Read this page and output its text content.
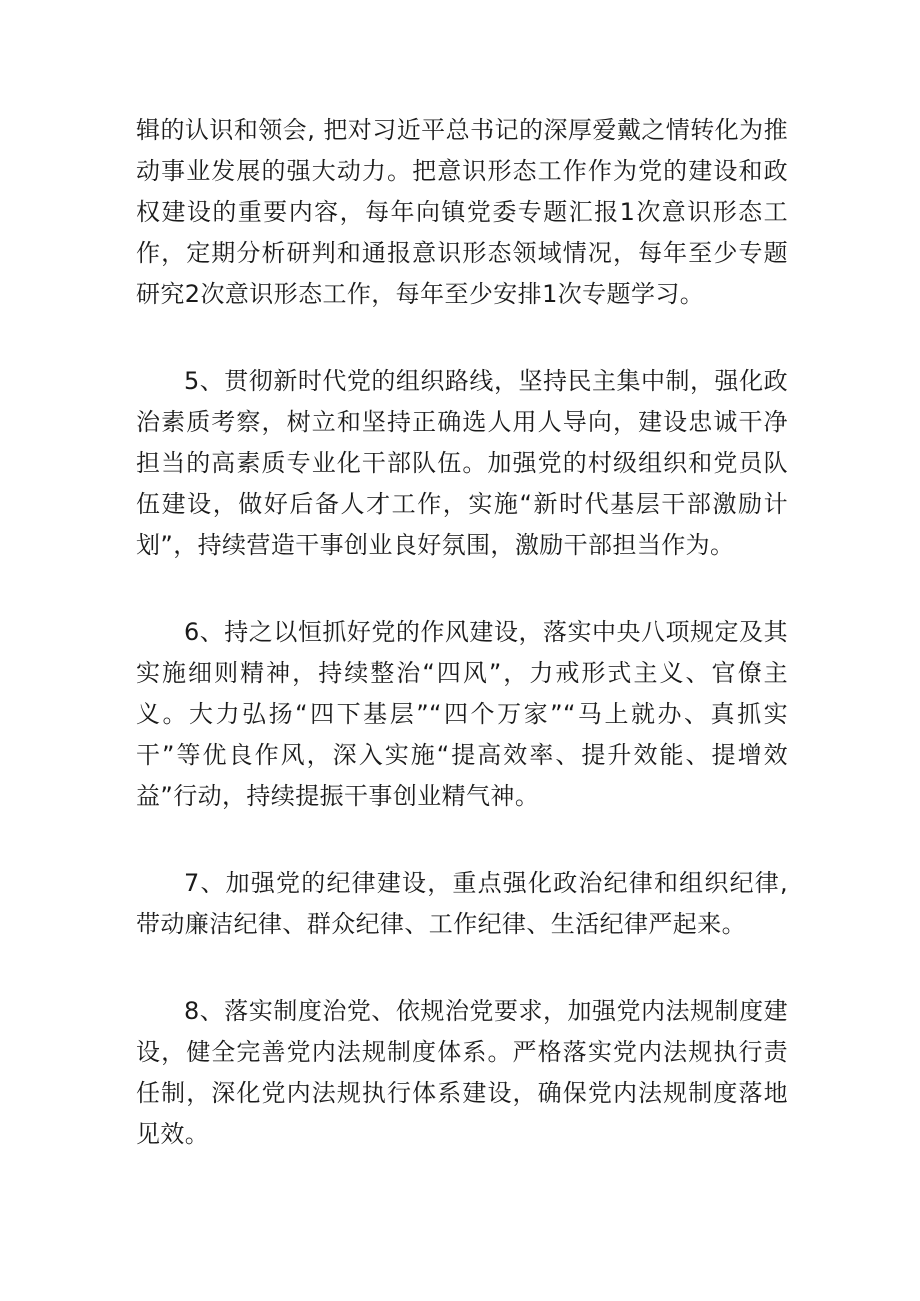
辑的认识和领会, 把对习近平总书记的深厚爱戴之情转化为推动事业发展的强大动力。把意识形态工作作为党的建设和政权建设的重要内容，每年向镇党委专题汇报1次意识形态工作，定期分析研判和通报意识形态领域情况，每年至少专题研究2次意识形态工作，每年至少安排1次专题学习。

5、贯彻新时代党的组织路线，坚持民主集中制，强化政治素质考察，树立和坚持正确选人用人导向，建设忠诚干净担当的高素质专业化干部队伍。加强党的村级组织和党员队伍建设，做好后备人才工作，实施“新时代基层干部激励计划”，持续营造干事创业良好氛围，激励干部担当作为。

6、持之以恒抓好党的作风建设，落实中央八项规定及其实施细则精神，持续整治“四风”，力戒形式主义、官僚主义。大力弘扬“四下基层”“四个万家”“马上就办、真抓实干”等优良作风，深入实施“提高效率、提升效能、提增效益”行动，持续提振干事创业精气神。

7、加强党的纪律建设，重点强化政治纪律和组织纪律, 带动廉洁纪律、群众纪律、工作纪律、生活纪律严起来。

8、落实制度治党、依规治党要求，加强党内法规制度建设，健全完善党内法规制度体系。严格落实党内法规执行责任制，深化党内法规执行体系建设，确保党内法规制度落地见效。
